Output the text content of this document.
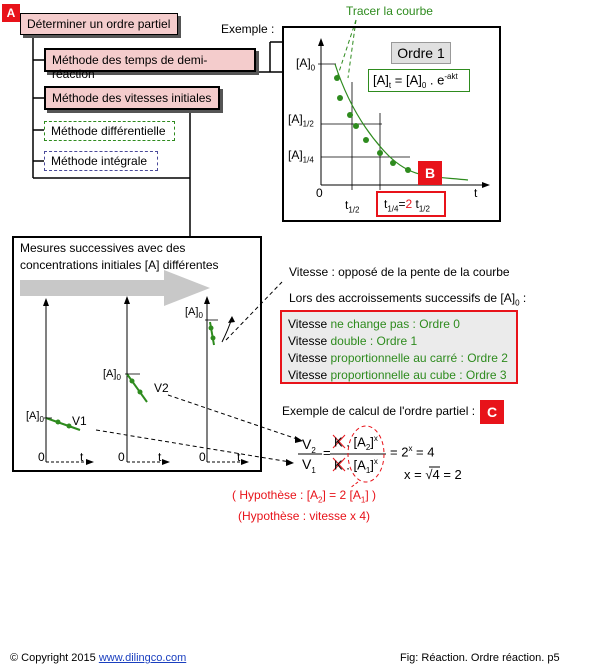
A
Déterminer un ordre partiel
Méthode des temps de demi-réaction
Méthode des vitesses initiales
Méthode différentielle
Méthode intégrale
Exemple :
Tracer la courbe
Ordre 1
$[A]_t = [A]_0$ . $e^{-akt}$
$[A]_0$
$[A]_{1/2}$
$[A]_{1/4}$
0	t
$t_{1/2}$	$t_{1/4}=2$ $t_{1/2}$
B
Mesures successives avec des
concentrations initiales [A] différentes
$[A]_0$
$[A]_0$
$[A]_0$
V1
V2
0	0	0
t	t	t
Vitesse : opposé de la pente de la courbe
Lors des accroissements successifs de $[A]_0$ :
Vitesse ne change pas : Ordre 0
Vitesse double : Ordre 1
Vitesse proportionnelle au carré : Ordre 2
Vitesse proportionnelle au cube : Ordre 3
Exemple de calcul de l'ordre partiel : C
$V_2$
$V_1$
=
K . $[A_2]^x$
K . $[A_1]^x$
= $2^x = 4$
x = √4 = 2
( Hypothèse : $[A_2] = 2$ $[A_1]$ )
(Hypothèse : vitesse x 4)
© Copyright 2015 www.dilingco.com	Fig: Réaction. Ordre réaction. p5
